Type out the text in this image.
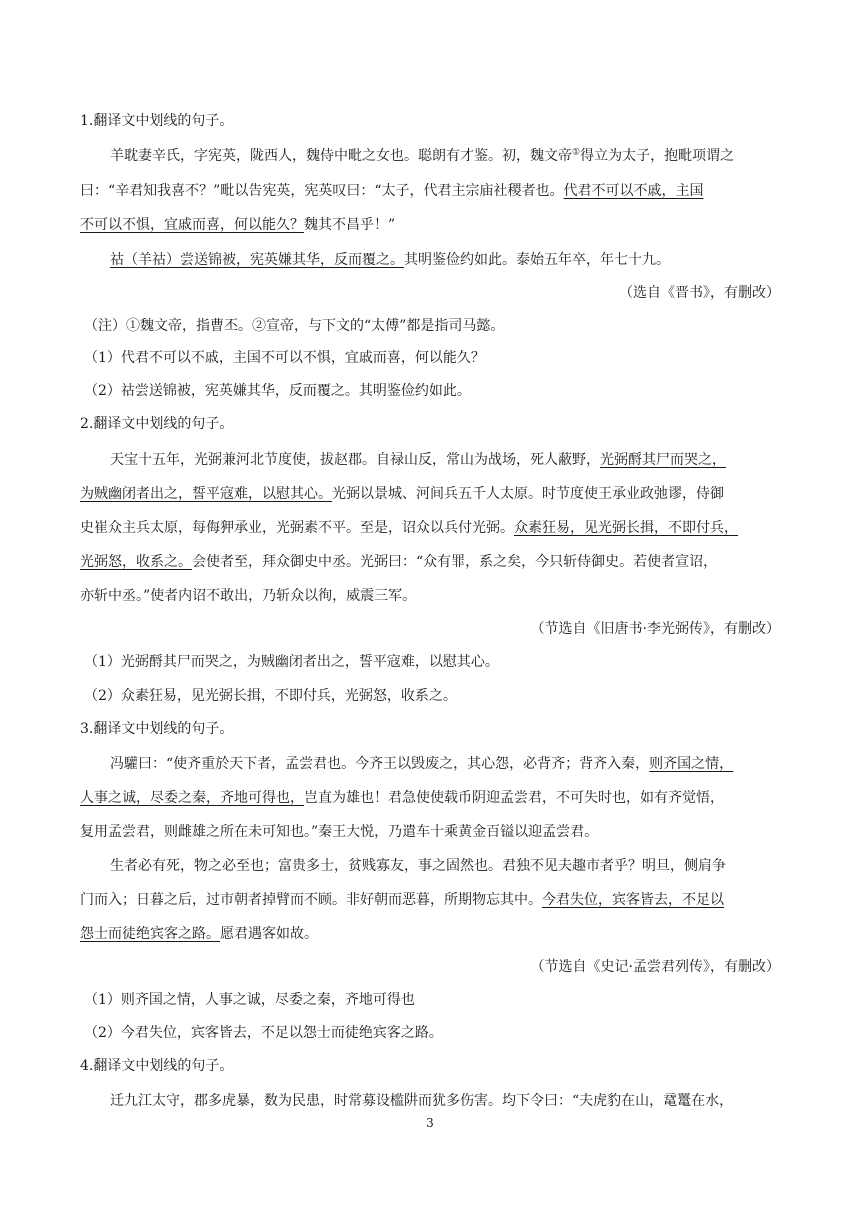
1.翻译文中划线的句子。
羊耽妻辛氏，字宪英，陇西人，魏侍中毗之女也。聪朗有才鉴。初，魏文帝①得立为太子，抱毗项谓之
曰：“辛君知我喜不？”毗以告宪英，宪英叹曰：“太子，代君主宗庙社稷者也。代君不可以不戚，主国
不可以不惧，宜戚而喜，何以能久？魏其不昌乎！”
祜（羊祜）尝送锦被，宪英嫌其华，反而覆之。其明鉴俭约如此。泰始五年卒，年七十九。
（选自《晋书》，有删改）
（注）①魏文帝，指曹丕。②宣帝，与下文的“太傅”都是指司马懿。
（1）代君不可以不戚，主国不可以不惧，宜戚而喜，何以能久？
（2）祜尝送锦被，宪英嫌其华，反而覆之。其明鉴俭约如此。
2.翻译文中划线的句子。
天宝十五年，光弼兼河北节度使，拔赵郡。自禄山反，常山为战场，死人蔽野，光弼酹其尸而哭之，
为贼幽闭者出之，誓平寇难，以慰其心。光弼以景城、河间兵五千人太原。时节度使王承业政弛谬，侍御
史崔众主兵太原，每侮狎承业，光弼素不平。至是，诏众以兵付光弼。众素狂易，见光弼长揖，不即付兵，
光弼怒，收系之。会使者至，拜众御史中丞。光弼曰：“众有罪，系之矣，今只斩侍御史。若使者宣诏，
亦斩中丞。”使者内诏不敢出，乃斩众以徇，威震三军。
（节选自《旧唐书·李光弼传》，有删改）
（1）光弼酹其尸而哭之，为贼幽闭者出之，誓平寇难，以慰其心。
（2）众素狂易，见光弼长揖，不即付兵，光弼怒，收系之。
3.翻译文中划线的句子。
冯驩曰：“使齐重於天下者，孟尝君也。今齐王以毁废之，其心怨，必背齐；背齐入秦，则齐国之情，
人事之诚，尽委之秦，齐地可得也，岂直为雄也！君急使使载币阴迎孟尝君，不可失时也，如有齐觉悟，
复用孟尝君，则雌雄之所在未可知也。”秦王大悦，乃遣车十乘黄金百镒以迎孟尝君。
生者必有死，物之必至也；富贵多士，贫贱寡友，事之固然也。君独不见夫趣市者乎？明旦，侧肩争
门而入；日暮之后，过市朝者掉臂而不顾。非好朝而恶暮，所期物忘其中。今君失位，宾客皆去，不足以
怨士而徒绝宾客之路。愿君遇客如故。
（节选自《史记·孟尝君列传》，有删改）
（1）则齐国之情，人事之诚，尽委之秦，齐地可得也
（2）今君失位，宾客皆去，不足以怨士而徒绝宾客之路。
4.翻译文中划线的句子。
迁九江太守，郡多虎暴，数为民患，时常募设槛阱而犹多伤害。均下令曰：“夫虎豹在山，鼋鼍在水，
3
